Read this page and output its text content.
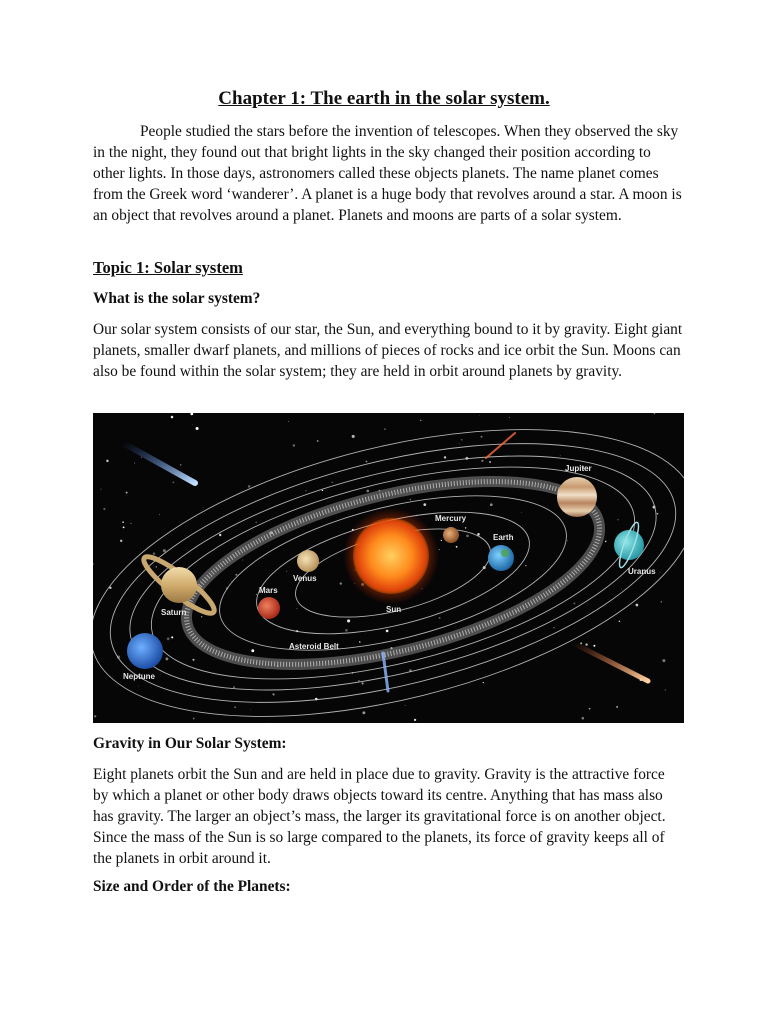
Chapter 1: The earth in the solar system.

People studied the stars before the invention of telescopes. When they observed the sky in the night, they found out that bright lights in the sky changed their position according to other lights. In those days, astronomers called these objects planets. The name planet comes from the Greek word ‘wanderer’. A planet is a huge body that revolves around a star. A moon is an object that revolves around a planet. Planets and moons are parts of a solar system.

Topic 1: Solar system
What is the solar system?

Our solar system consists of our star, the Sun, and everything bound to it by gravity. Eight giant planets, smaller dwarf planets, and millions of pieces of rocks and ice orbit the Sun. Moons can also be found within the solar system; they are held in orbit around planets by gravity.

Jupiter
Mercury
Earth
Uranus
Venus
Mars
Saturn	Sun
Asteroid Belt
Neptune
Gravity in Our Solar System:

Eight planets orbit the Sun and are held in place due to gravity. Gravity is the attractive force by which a planet or other body draws objects toward its centre. Anything that has mass also has gravity. The larger an object’s mass, the larger its gravitational force is on another object. Since the mass of the Sun is so large compared to the planets, its force of gravity keeps all of the planets in orbit around it.

Size and Order of the Planets:
